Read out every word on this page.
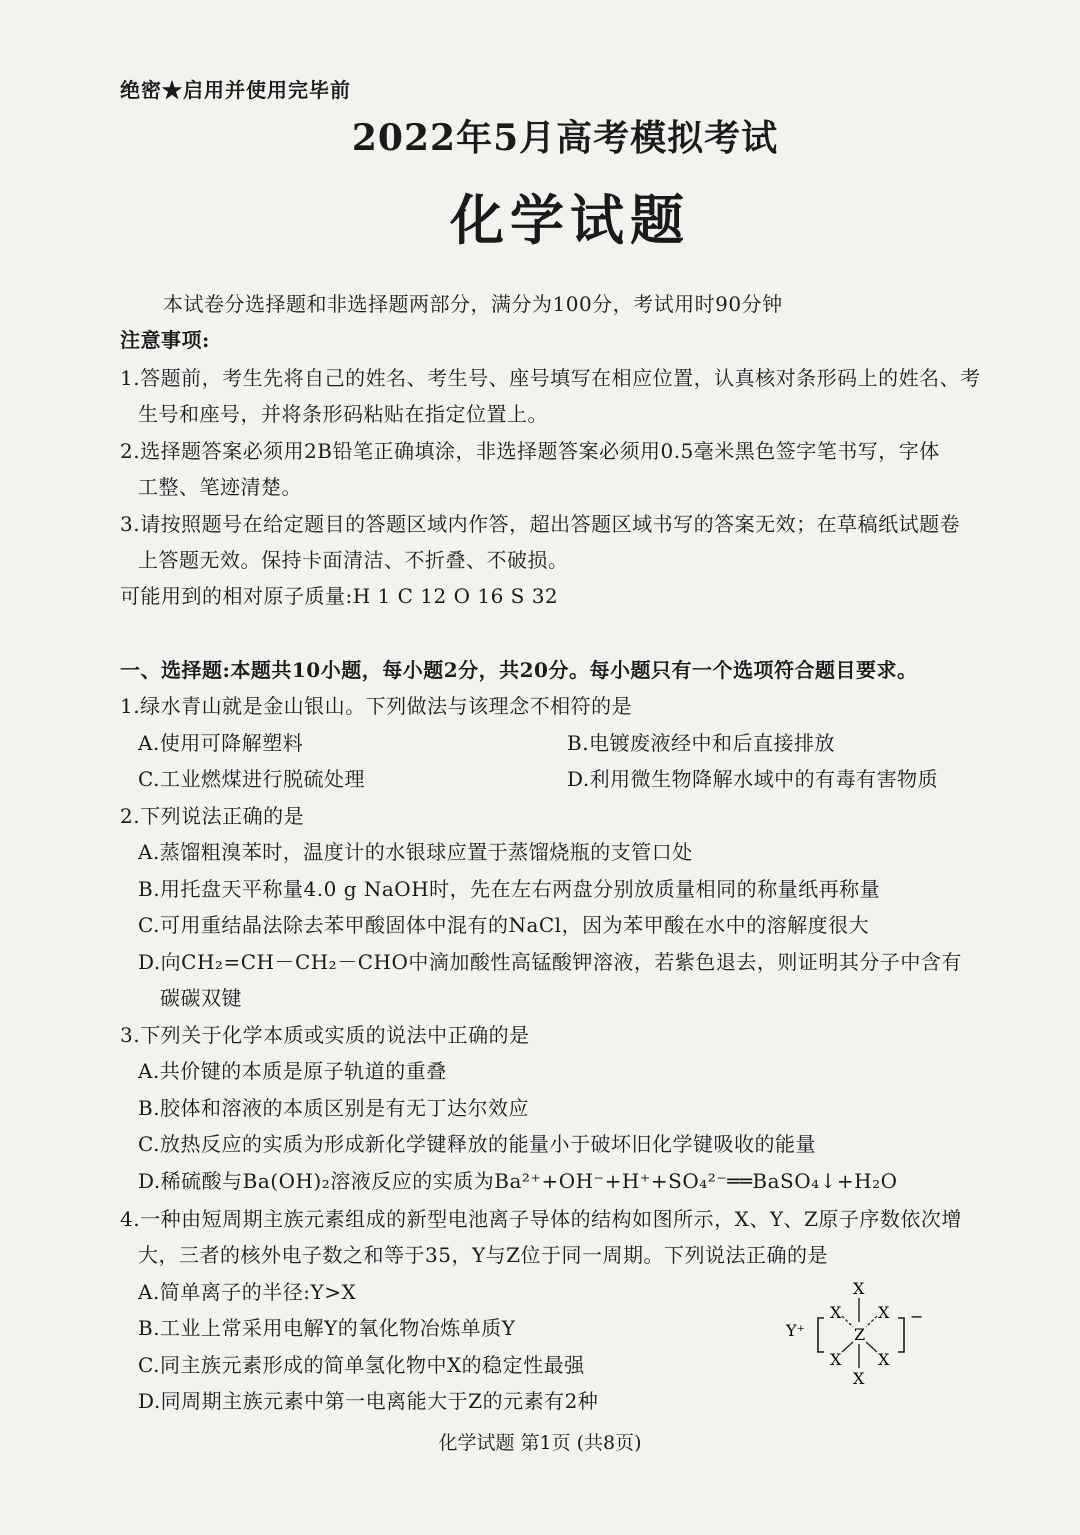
绝密★启用并使用完毕前
2022年5月高考模拟考试
化学试题
本试卷分选择题和非选择题两部分，满分为100分，考试用时90分钟
注意事项:
1.答题前，考生先将自己的姓名、考生号、座号填写在相应位置，认真核对条形码上的姓名、考
生号和座号，并将条形码粘贴在指定位置上。
2.选择题答案必须用2B铅笔正确填涂，非选择题答案必须用0.5毫米黑色签字笔书写，字体
工整、笔迹清楚。
3.请按照题号在给定题目的答题区域内作答，超出答题区域书写的答案无效；在草稿纸试题卷
上答题无效。保持卡面清洁、不折叠、不破损。
可能用到的相对原子质量:H 1 C 12 O 16 S 32
一、选择题:本题共10小题，每小题2分，共20分。每小题只有一个选项符合题目要求。
1.绿水青山就是金山银山。下列做法与该理念不相符的是
A.使用可降解塑料	B.电镀废液经中和后直接排放
C.工业燃煤进行脱硫处理	D.利用微生物降解水域中的有毒有害物质
2.下列说法正确的是
A.蒸馏粗溴苯时，温度计的水银球应置于蒸馏烧瓶的支管口处
B.用托盘天平称量4.0 g NaOH时，先在左右两盘分别放质量相同的称量纸再称量
C.可用重结晶法除去苯甲酸固体中混有的NaCl，因为苯甲酸在水中的溶解度很大
D.向CH₂=CH－CH₂－CHO中滴加酸性高锰酸钾溶液，若紫色退去，则证明其分子中含有
碳碳双键
3.下列关于化学本质或实质的说法中正确的是
A.共价键的本质是原子轨道的重叠
B.胶体和溶液的本质区别是有无丁达尔效应
C.放热反应的实质为形成新化学键释放的能量小于破坏旧化学键吸收的能量
D.稀硫酸与Ba(OH)₂溶液反应的实质为Ba²⁺+OH⁻+H⁺+SO₄²⁻══BaSO₄↓+H₂O
4.一种由短周期主族元素组成的新型电池离子导体的结构如图所示，X、Y、Z原子序数依次增
大，三者的核外电子数之和等于35，Y与Z位于同一周期。下列说法正确的是
A.简单离子的半径:Y>X
B.工业上常采用电解Y的氧化物冶炼单质Y
C.同主族元素形成的简单氢化物中X的稳定性最强
D.同周期主族元素中第一电离能大于Z的元素有2种
Y⁺
−
X
X X
Z
X X
X
化学试题 第1页 (共8页)
